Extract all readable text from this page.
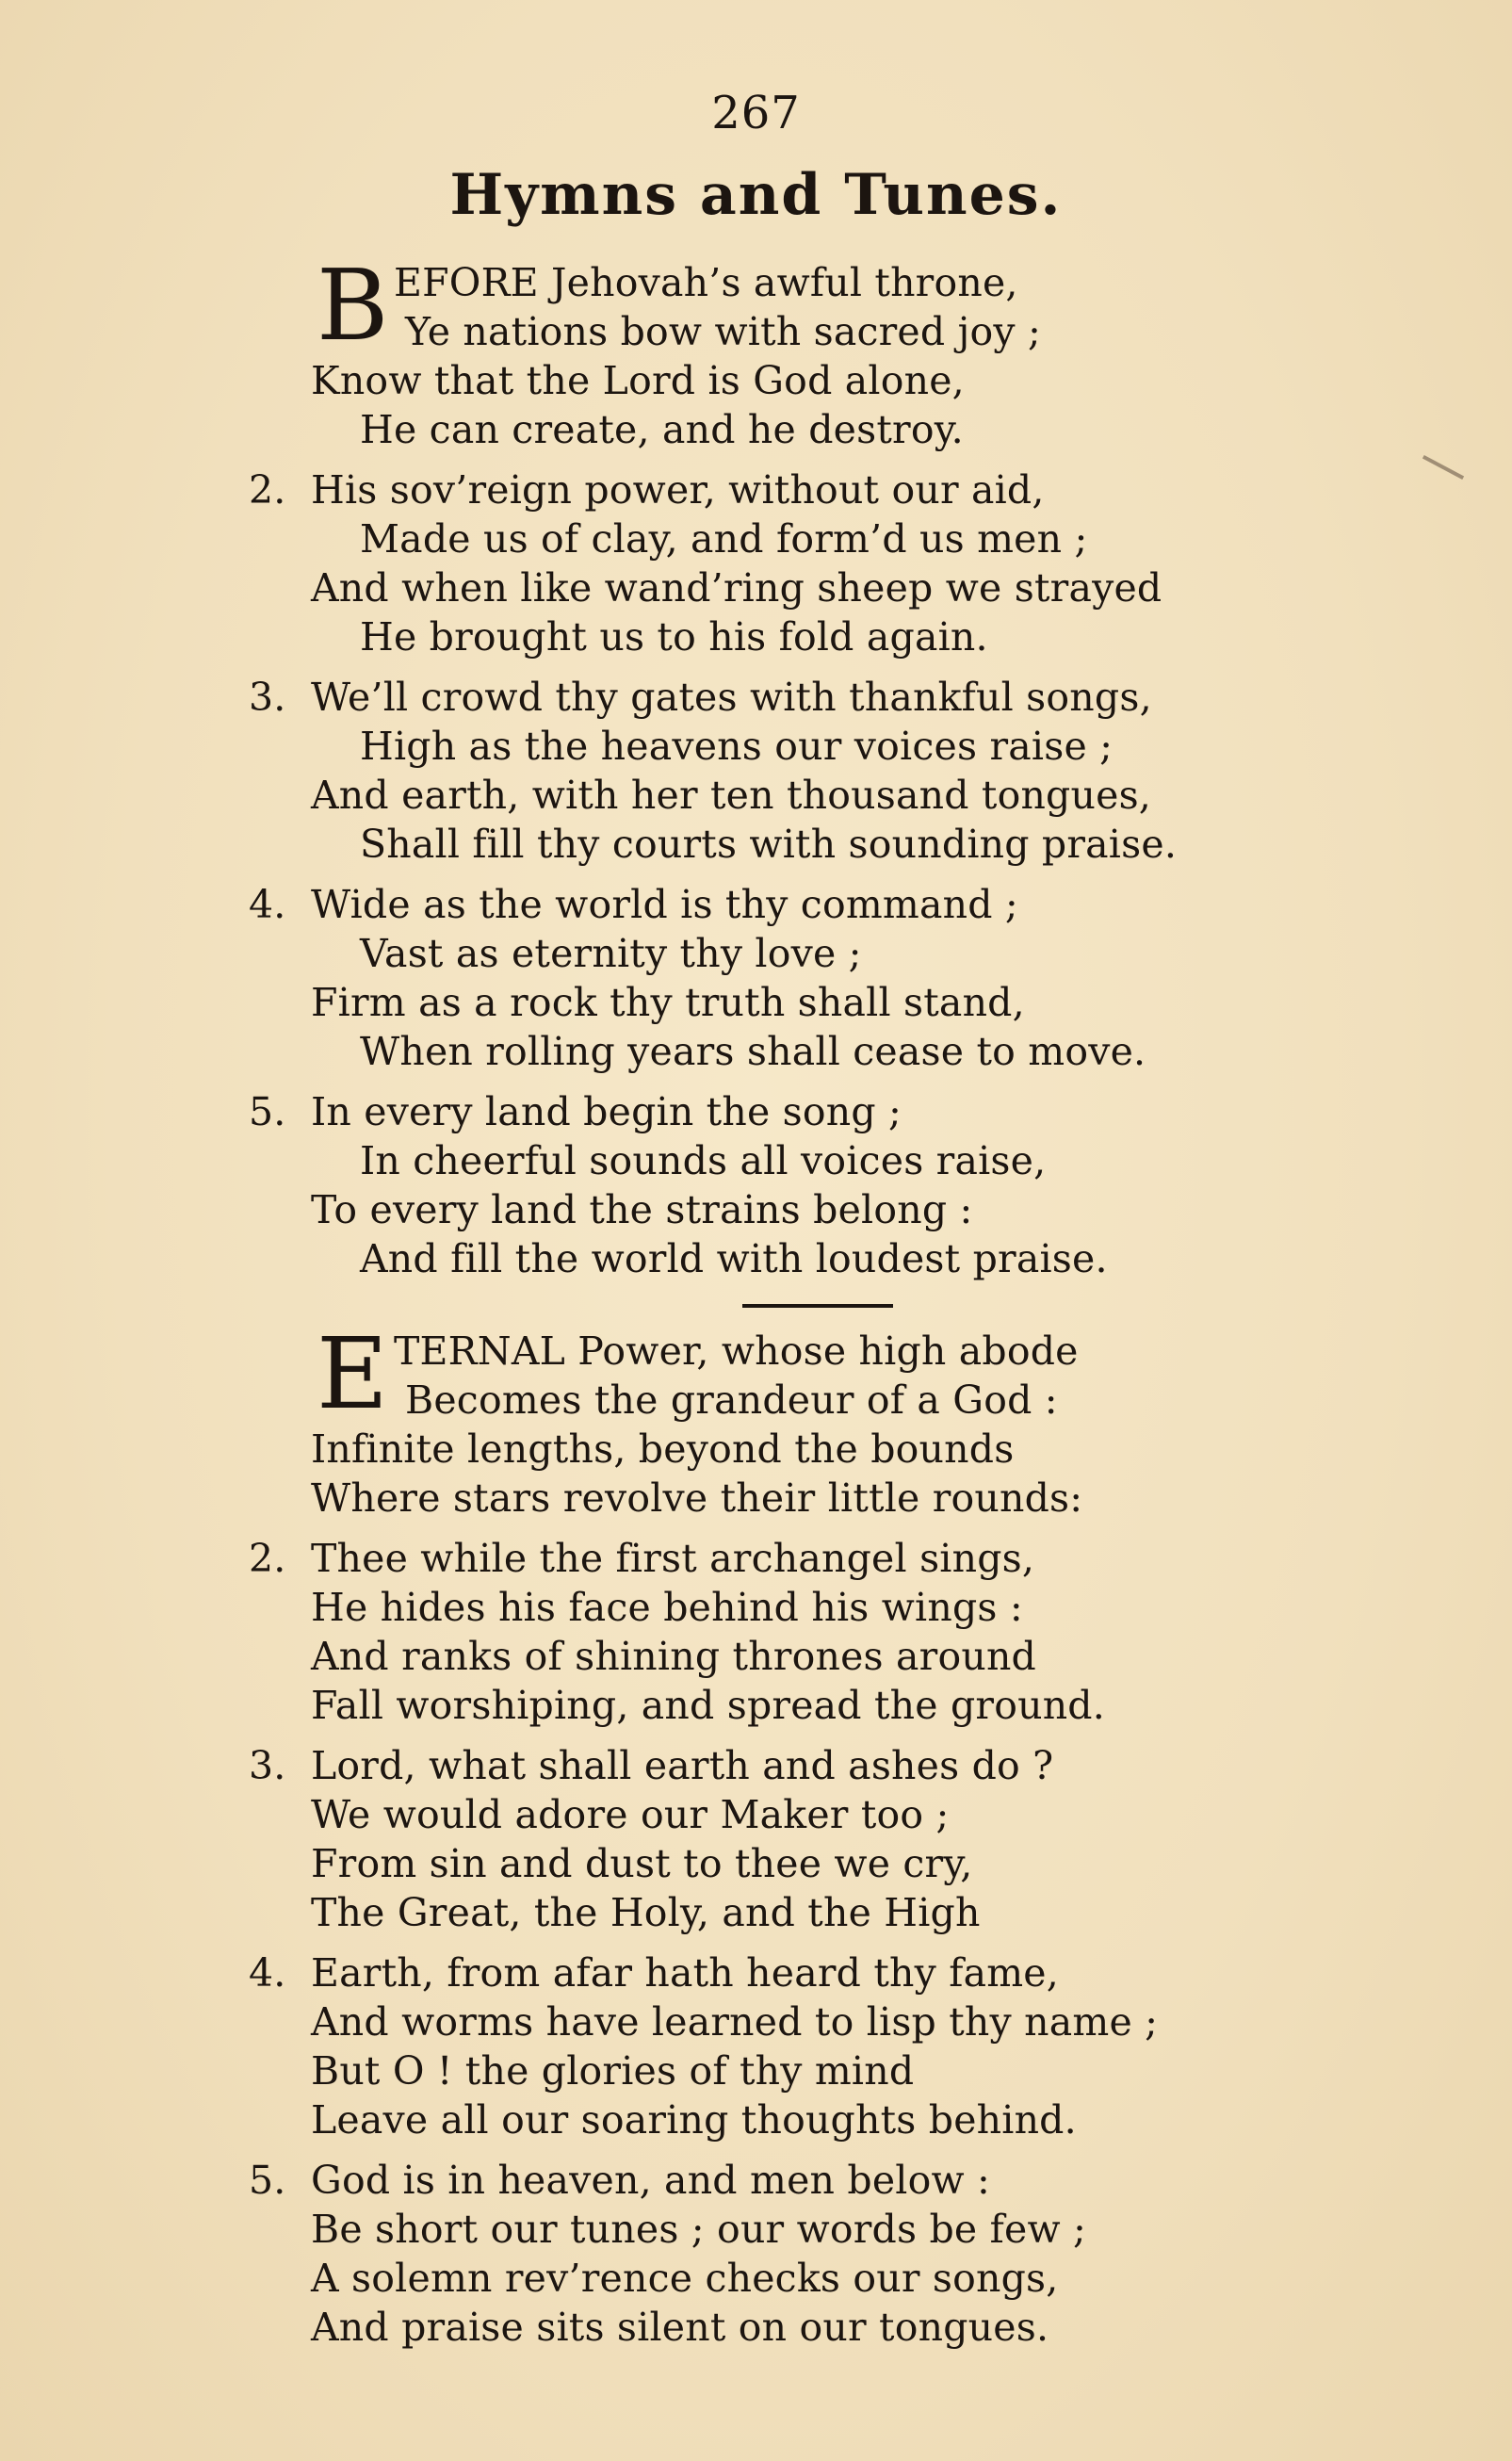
267
Hymns and Tunes.
B EFORE Jehovah’s awful throne,
Ye nations bow with sacred joy ;
Know that the Lord is God alone,
He can create, and he destroy.
2. His sov’reign power, without our aid,
Made us of clay, and form’d us men ;
And when like wand’ring sheep we strayed
He brought us to his fold again.
3. We’ll crowd thy gates with thankful songs,
High as the heavens our voices raise ;
And earth, with her ten thousand tongues,
Shall fill thy courts with sounding praise.
4. Wide as the world is thy command ;
Vast as eternity thy love ;
Firm as a rock thy truth shall stand,
When rolling years shall cease to move.
5. In every land begin the song ;
In cheerful sounds all voices raise,
To every land the strains belong :
And fill the world with loudest praise.
E TERNAL Power, whose high abode
Becomes the grandeur of a God :
Infinite lengths, beyond the bounds
Where stars revolve their little rounds:
2. Thee while the first archangel sings,
He hides his face behind his wings :
And ranks of shining thrones around
Fall worshiping, and spread the ground.
3. Lord, what shall earth and ashes do ?
We would adore our Maker too ;
From sin and dust to thee we cry,
The Great, the Holy, and the High
4. Earth, from afar hath heard thy fame,
And worms have learned to lisp thy name ;
But O ! the glories of thy mind
Leave all our soaring thoughts behind.
5. God is in heaven, and men below :
Be short our tunes ; our words be few ;
A solemn rev’rence checks our songs,
And praise sits silent on our tongues.
